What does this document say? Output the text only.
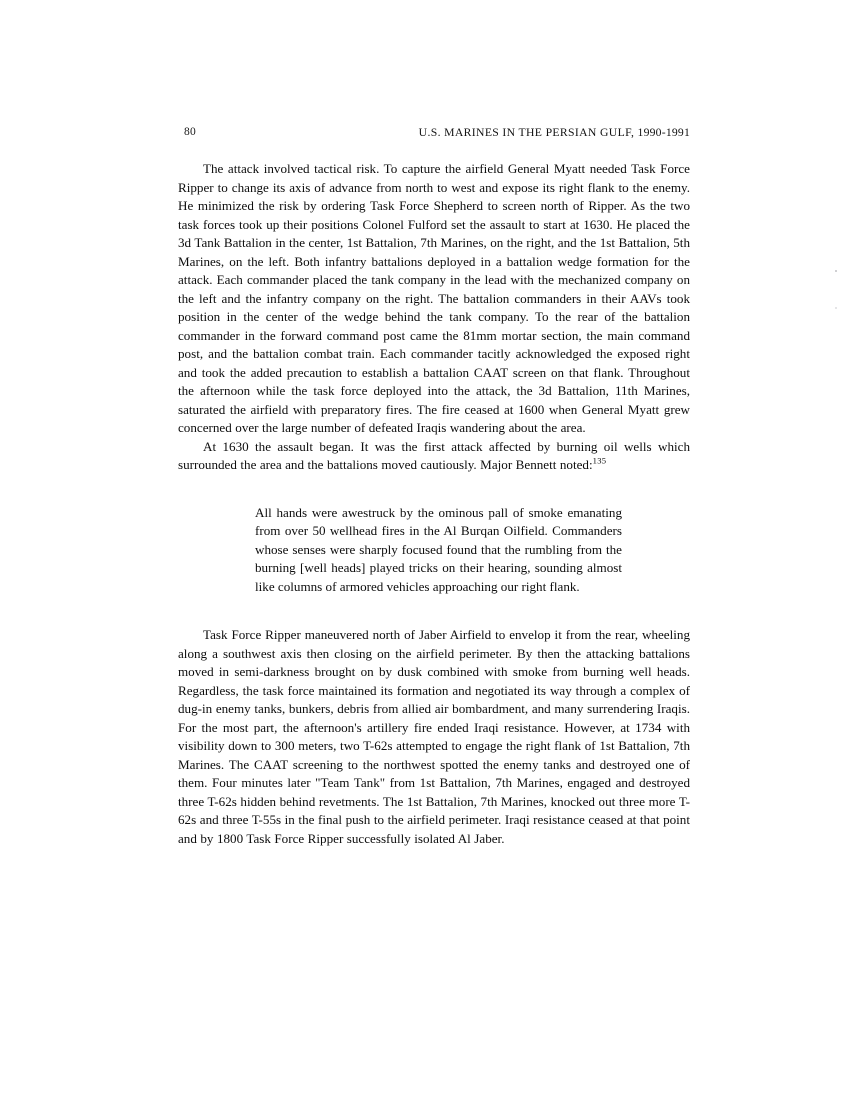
80	U.S. MARINES IN THE PERSIAN GULF, 1990-1991

The attack involved tactical risk. To capture the airfield General Myatt needed Task Force Ripper to change its axis of advance from north to west and expose its right flank to the enemy. He minimized the risk by ordering Task Force Shepherd to screen north of Ripper. As the two task forces took up their positions Colonel Fulford set the assault to start at 1630. He placed the 3d Tank Battalion in the center, 1st Battalion, 7th Marines, on the right, and the 1st Battalion, 5th Marines, on the left. Both infantry battalions deployed in a battalion wedge formation for the attack. Each commander placed the tank company in the lead with the mechanized company on the left and the infantry company on the right. The battalion commanders in their AAVs took position in the center of the wedge behind the tank company. To the rear of the battalion commander in the forward command post came the 81mm mortar section, the main command post, and the battalion combat train. Each commander tacitly acknowledged the exposed right and took the added precaution to establish a battalion CAAT screen on that flank. Throughout the afternoon while the task force deployed into the attack, the 3d Battalion, 11th Marines, saturated the airfield with preparatory fires. The fire ceased at 1600 when General Myatt grew concerned over the large number of defeated Iraqis wandering about the area.

At 1630 the assault began. It was the first attack affected by burning oil wells which surrounded the area and the battalions moved cautiously. Major Bennett noted:$^{135}$

All hands were awestruck by the ominous pall of smoke emanating from over 50 wellhead fires in the Al Burqan Oilfield. Commanders whose senses were sharply focused found that the rumbling from the burning [well heads] played tricks on their hearing, sounding almost like columns of armored vehicles approaching our right flank.

Task Force Ripper maneuvered north of Jaber Airfield to envelop it from the rear, wheeling along a southwest axis then closing on the airfield perimeter. By then the attacking battalions moved in semi-darkness brought on by dusk combined with smoke from burning well heads. Regardless, the task force maintained its formation and negotiated its way through a complex of dug-in enemy tanks, bunkers, debris from allied air bombardment, and many surrendering Iraqis. For the most part, the afternoon's artillery fire ended Iraqi resistance. However, at 1734 with visibility down to 300 meters, two T-62s attempted to engage the right flank of 1st Battalion, 7th Marines. The CAAT screening to the northwest spotted the enemy tanks and destroyed one of them. Four minutes later "Team Tank" from 1st Battalion, 7th Marines, engaged and destroyed three T-62s hidden behind revetments. The 1st Battalion, 7th Marines, knocked out three more T-62s and three T-55s in the final push to the airfield perimeter. Iraqi resistance ceased at that point and by 1800 Task Force Ripper successfully isolated Al Jaber.
